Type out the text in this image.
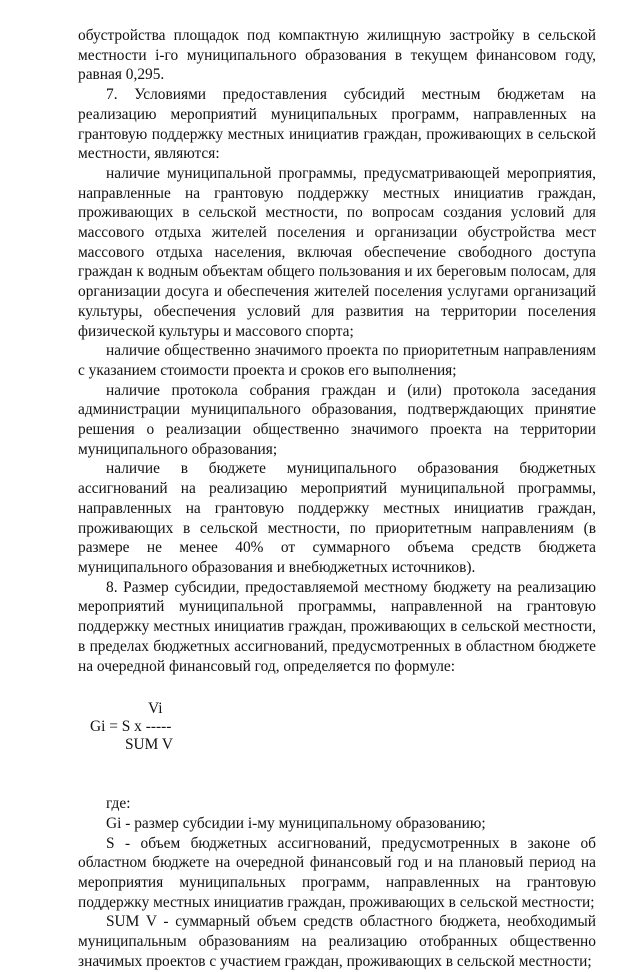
обустройства площадок под компактную жилищную застройку в сельской местности i-го муниципального образования в текущем финансовом году, равная 0,295.

7. Условиями предоставления субсидий местным бюджетам на реализацию мероприятий муниципальных программ, направленных на грантовую поддержку местных инициатив граждан, проживающих в сельской местности, являются:

наличие муниципальной программы, предусматривающей мероприятия, направленные на грантовую поддержку местных инициатив граждан, проживающих в сельской местности, по вопросам создания условий для массового отдыха жителей поселения и организации обустройства мест массового отдыха населения, включая обеспечение свободного доступа граждан к водным объектам общего пользования и их береговым полосам, для организации досуга и обеспечения жителей поселения услугами организаций культуры, обеспечения условий для развития на территории поселения физической культуры и массового спорта;

наличие общественно значимого проекта по приоритетным направлениям с указанием стоимости проекта и сроков его выполнения;

наличие протокола собрания граждан и (или) протокола заседания администрации муниципального образования, подтверждающих принятие решения о реализации общественно значимого проекта на территории муниципального образования;

наличие в бюджете муниципального образования бюджетных ассигнований на реализацию мероприятий муниципальной программы, направленных на грантовую поддержку местных инициатив граждан, проживающих в сельской местности, по приоритетным направлениям (в размере не менее 40% от суммарного объема средств бюджета муниципального образования и внебюджетных источников).

8. Размер субсидии, предоставляемой местному бюджету на реализацию мероприятий муниципальной программы, направленной на грантовую поддержку местных инициатив граждан, проживающих в сельской местности, в пределах бюджетных ассигнований, предусмотренных в областном бюджете на очередной финансовый год, определяется по формуле:

Vi
Gi = S x -----
SUM V

где:

Gi - размер субсидии i-му муниципальному образованию;

S - объем бюджетных ассигнований, предусмотренных в законе об областном бюджете на очередной финансовый год и на плановый период на мероприятия муниципальных программ, направленных на грантовую поддержку местных инициатив граждан, проживающих в сельской местности;

SUM V - суммарный объем средств областного бюджета, необходимый муниципальным образованиям на реализацию отобранных общественно значимых проектов с участием граждан, проживающих в сельской местности;
